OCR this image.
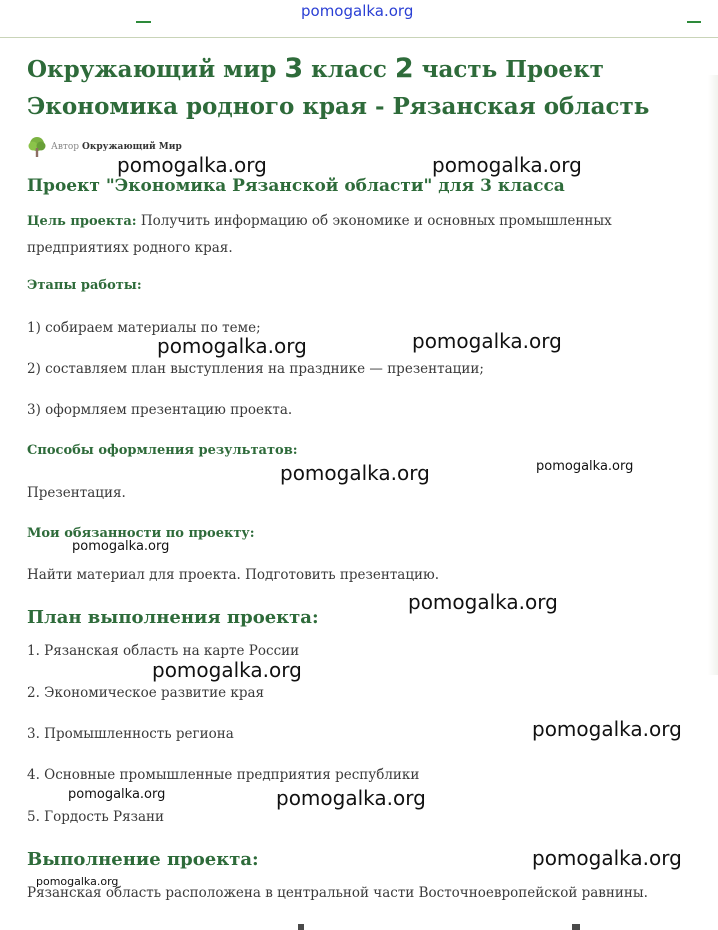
pomogalka.org
Окружающий мир 3 класс 2 часть Проект
Экономика родного края - Рязанская область
Автор Окружающий Мир
Проект "Экономика Рязанской области" для 3 класса
Цель проекта: Получить информацию об экономике и основных промышленных предприятиях родного края.
Этапы работы:
1) собираем материалы по теме;
2) составляем план выступления на празднике — презентации;
3) оформляем презентацию проекта.
Способы оформления результатов:
Презентация.
Мои обязанности по проекту:
Найти материал для проекта. Подготовить презентацию.
План выполнения проекта:
1. Рязанская область на карте России
2. Экономическое развитие края
3. Промышленность региона
4. Основные промышленные предприятия республики
5. Гордость Рязани
Выполнение проекта:
Рязанская область расположена в центральной части Восточноевропейской равнины.
pomogalka.org	pomogalka.org
pomogalka.org	pomogalka.org
pomogalka.org	pomogalka.org
pomogalka.org
pomogalka.org
pomogalka.org
pomogalka.org
pomogalka.org	pomogalka.org
pomogalka.org
pomogalka.org
